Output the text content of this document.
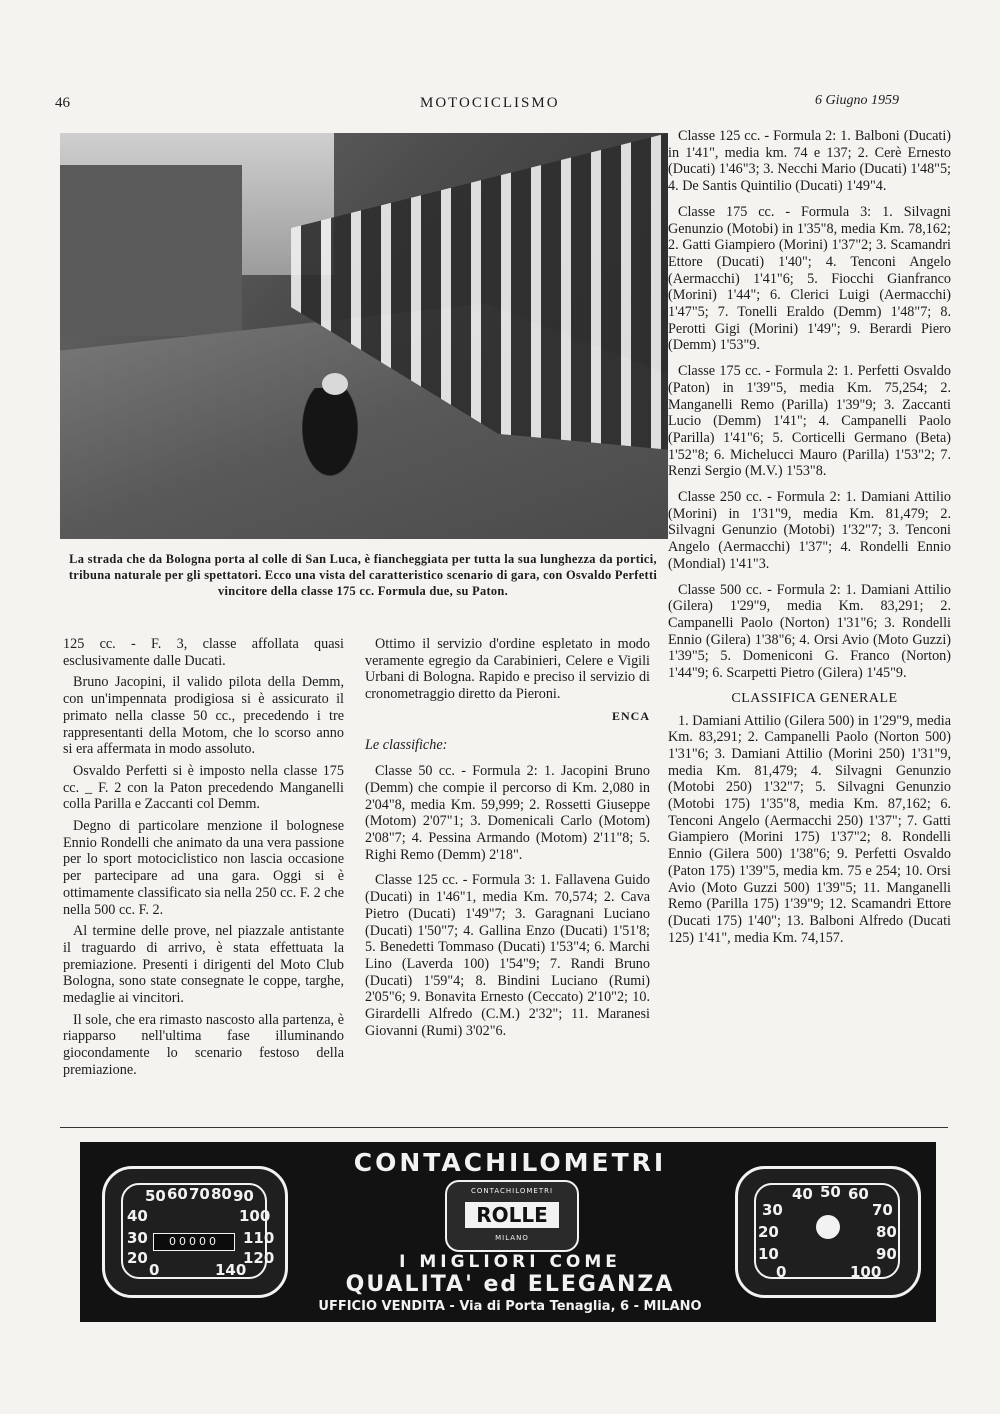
46	MOTOCICLISMO	6 Giugno 1959
La strada che da Bologna porta al colle di San Luca, è fiancheggiata per tutta la sua lunghezza da portici, tribuna naturale per gli spettatori. Ecco una vista del caratteristico scenario di gara, con Osvaldo Perfetti vincitore della classe 175 cc. Formula due, su Paton.

125 cc. - F. 3, classe affollata quasi esclusivamente dalle Ducati.

Bruno Jacopini, il valido pilota della Demm, con un'impennata prodigiosa si è assicurato il primato nella classe 50 cc., precedendo i tre rappresentanti della Motom, che lo scorso anno si era affermata in modo assoluto.

Osvaldo Perfetti si è imposto nella classe 175 cc. _ F. 2 con la Paton precedendo Manganelli colla Parilla e Zaccanti col Demm.

Degno di particolare menzione il bolognese Ennio Rondelli che animato da una vera passione per lo sport motociclistico non lascia occasione per partecipare ad una gara. Oggi si è ottimamente classificato sia nella 250 cc. F. 2 che nella 500 cc. F. 2.

Al termine delle prove, nel piazzale antistante il traguardo di arrivo, è stata effettuata la premiazione. Presenti i dirigenti del Moto Club Bologna, sono state consegnate le coppe, targhe, medaglie ai vincitori.

Il sole, che era rimasto nascosto alla partenza, è riapparso nell'ultima fase illuminando giocondamente lo scenario festoso della premiazione.

Ottimo il servizio d'ordine espletato in modo veramente egregio da Carabinieri, Celere e Vigili Urbani di Bologna. Rapido e preciso il servizio di cronometraggio diretto da Pieroni.

ENCA

Le classifiche:

Classe 50 cc. - Formula 2: 1. Jacopini Bruno (Demm) che compie il percorso di Km. 2,080 in 2'04"8, media Km. 59,999; 2. Rossetti Giuseppe (Motom) 2'07"1; 3. Domenicali Carlo (Motom) 2'08"7; 4. Pessina Armando (Motom) 2'11"8; 5. Righi Remo (Demm) 2'18".

Classe 125 cc. - Formula 3: 1. Fallavena Guido (Ducati) in 1'46"1, media Km. 70,574; 2. Cava Pietro (Ducati) 1'49"7; 3. Garagnani Luciano (Ducati) 1'50"7; 4. Gallina Enzo (Ducati) 1'51'8; 5. Benedetti Tommaso (Ducati) 1'53"4; 6. Marchi Lino (Laverda 100) 1'54"9; 7. Randi Bruno (Ducati) 1'59"4; 8. Bindini Luciano (Rumi) 2'05"6; 9. Bonavita Ernesto (Ceccato) 2'10"2; 10. Girardelli Alfredo (C.M.) 2'32"; 11. Maranesi Giovanni (Rumi) 3'02"6.

Classe 125 cc. - Formula 2: 1. Balboni (Ducati) in 1'41", media km. 74 e 137; 2. Cerè Ernesto (Ducati) 1'46"3; 3. Necchi Mario (Ducati) 1'48"5; 4. De Santis Quintilio (Ducati) 1'49"4.

Classe 175 cc. - Formula 3: 1. Silvagni Genunzio (Motobi) in 1'35"8, media Km. 78,162; 2. Gatti Giampiero (Morini) 1'37"2; 3. Scamandri Ettore (Ducati) 1'40"; 4. Tenconi Angelo (Aermacchi) 1'41"6; 5. Fiocchi Gianfranco (Morini) 1'44"; 6. Clerici Luigi (Aermacchi) 1'47"5; 7. Tonelli Eraldo (Demm) 1'48"7; 8. Perotti Gigi (Morini) 1'49"; 9. Berardi Piero (Demm) 1'53"9.

Classe 175 cc. - Formula 2: 1. Perfetti Osvaldo (Paton) in 1'39"5, media Km. 75,254; 2. Manganelli Remo (Parilla) 1'39"9; 3. Zaccanti Lucio (Demm) 1'41"; 4. Campanelli Paolo (Parilla) 1'41"6; 5. Corticelli Germano (Beta) 1'52"8; 6. Michelucci Mauro (Parilla) 1'53"2; 7. Renzi Sergio (M.V.) 1'53"8.

Classe 250 cc. - Formula 2: 1. Damiani Attilio (Morini) in 1'31"9, media Km. 81,479; 2. Silvagni Genunzio (Motobi) 1'32"7; 3. Tenconi Angelo (Aermacchi) 1'37"; 4. Rondelli Ennio (Mondial) 1'41"3.

Classe 500 cc. - Formula 2: 1. Damiani Attilio (Gilera) 1'29"9, media Km. 83,291; 2. Campanelli Paolo (Norton) 1'31"6; 3. Rondelli Ennio (Gilera) 1'38"6; 4. Orsi Avio (Moto Guzzi) 1'39"5; 5. Domeniconi G. Franco (Norton) 1'44"9; 6. Scarpetti Pietro (Gilera) 1'45"9.

CLASSIFICA GENERALE

1. Damiani Attilio (Gilera 500) in 1'29"9, media Km. 83,291; 2. Campanelli Paolo (Norton 500) 1'31"6; 3. Damiani Attilio (Morini 250) 1'31"9, media Km. 81,479; 4. Silvagni Genunzio (Motobi 250) 1'32"7; 5. Silvagni Genunzio (Motobi 175) 1'35"8, media Km. 87,162; 6. Tenconi Angelo (Aermacchi 250) 1'37"; 7. Gatti Giampiero (Morini 175) 1'37"2; 8. Rondelli Ennio (Gilera 500) 1'38"6; 9. Perfetti Osvaldo (Paton 175) 1'39"5, media km. 75 e 254; 10. Orsi Avio (Moto Guzzi 500) 1'39"5; 11. Manganelli Remo (Parilla 175) 1'39"9; 12. Scamandri Ettore (Ducati 175) 1'40"; 13. Balboni Alfredo (Ducati 125) 1'41", media Km. 74,157.

50 60 70 80 90
40	100
30	110
20	120
0	140
00000
CONTACHILOMETRI
CONTACHILOMETRI
ROLLE
MILANO
I MIGLIORI COME
QUALITA' ed ELEGANZA
UFFICIO VENDITA - Via di Porta Tenaglia, 6 - MILANO
40 50 60
30	70
20	80
10	90
0	100
